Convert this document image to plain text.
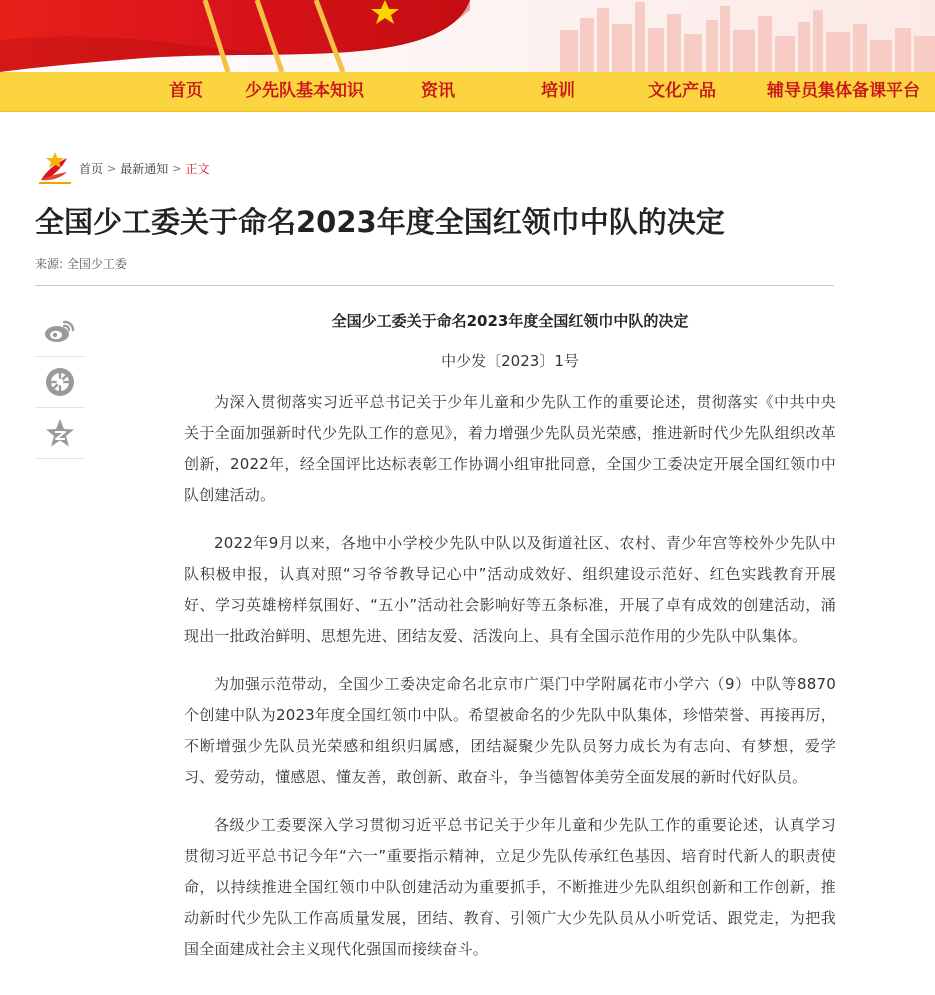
首页 少先队基本知识	资讯	培训	文化产品	辅导员集体备课平台
首页 > 最新通知 > 正文
全国少工委关于命名2023年度全国红领巾中队的决定
来源: 全国少工委
全国少工委关于命名2023年度全国红领巾中队的决定
中少发〔2023〕1号

为深入贯彻落实习近平总书记关于少年儿童和少先队工作的重要论述，贯彻落实《中共中央关于全面加强新时代少先队工作的意见》，着力增强少先队员光荣感，推进新时代少先队组织改革创新，2022年，经全国评比达标表彰工作协调小组审批同意，全国少工委决定开展全国红领巾中队创建活动。

2022年9月以来，各地中小学校少先队中队以及街道社区、农村、青少年宫等校外少先队中队积极申报，认真对照“习爷爷教导记心中”活动成效好、组织建设示范好、红色实践教育开展好、学习英雄榜样氛围好、“五小”活动社会影响好等五条标准，开展了卓有成效的创建活动，涌现出一批政治鲜明、思想先进、团结友爱、活泼向上、具有全国示范作用的少先队中队集体。

为加强示范带动，全国少工委决定命名北京市广渠门中学附属花市小学六（9）中队等8870个创建中队为2023年度全国红领巾中队。希望被命名的少先队中队集体，珍惜荣誉、再接再厉，不断增强少先队员光荣感和组织归属感，团结凝聚少先队员努力成长为有志向、有梦想，爱学习、爱劳动，懂感恩、懂友善，敢创新、敢奋斗，争当德智体美劳全面发展的新时代好队员。

各级少工委要深入学习贯彻习近平总书记关于少年儿童和少先队工作的重要论述，认真学习贯彻习近平总书记今年“六一”重要指示精神，立足少先队传承红色基因、培育时代新人的职责使命，以持续推进全国红领巾中队创建活动为重要抓手，不断推进少先队组织创新和工作创新，推动新时代少先队工作高质量发展，团结、教育、引领广大少先队员从小听党话、跟党走，为把我国全面建成社会主义现代化强国而接续奋斗。
